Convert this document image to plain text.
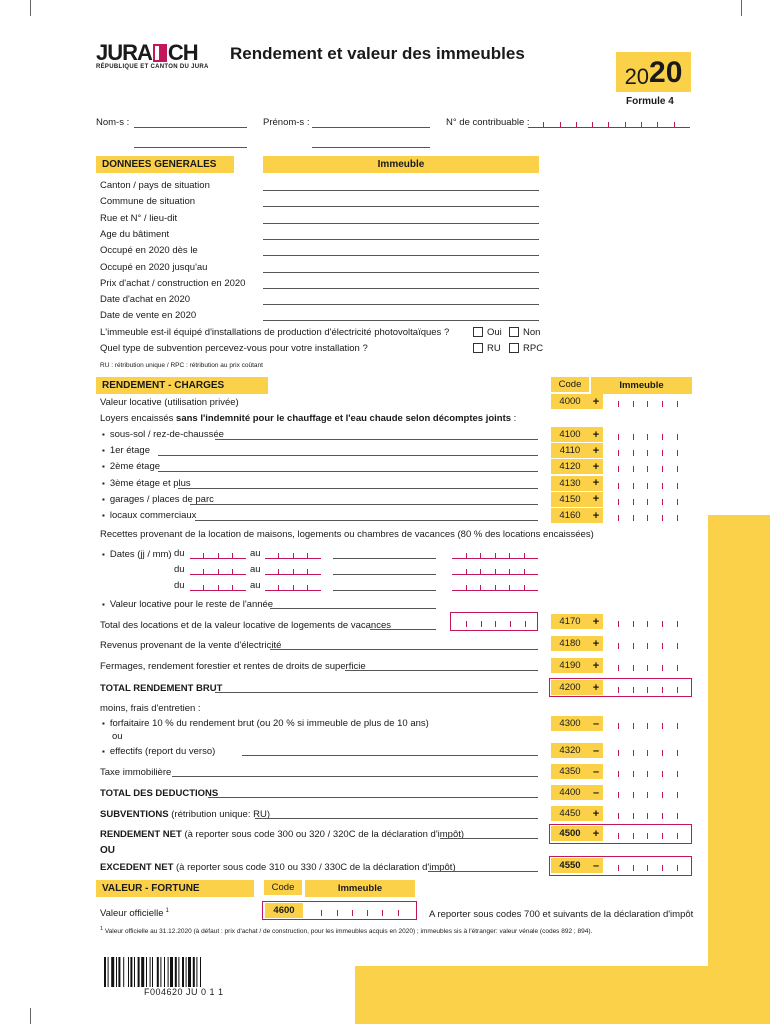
JURA CH
RÉPUBLIQUE ET CANTON DU JURA
Rendement et valeur des immeubles
20 20
Formule 4
Nom-s :	Prénom-s :	N° de contribuable :
DONNEES GENERALES	Immeuble
Canton / pays de situation
Commune de situation
Rue et N° / lieu-dit
Age du bâtiment
Occupé en 2020 dès le
Occupé en 2020 jusqu'au
Prix d'achat / construction en 2020
Date d'achat en 2020
Date de vente en 2020
L'immeuble est-il équipé d'installations de production d'électricité photovoltaïques ?	Oui Non
Quel type de subvention percevez-vous pour votre installation ?	RU RPC
RU : rétribution unique / RPC : rétribution au prix coûtant
RENDEMENT - CHARGES	Code	Immeuble
Valeur locative (utilisation privée)	4000	+
Loyers encaissés sans l'indemnité pour le chauffage et l'eau chaude selon décomptes joints :
▪ sous-sol / rez-de-chaussée	4100	+
▪ 1er étage	4110	+
▪ 2ème étage	4120	+
▪ 3ème étage et plus	4130	+
▪ garages / places de parc	4150	+
▪ locaux commerciaux	4160	+
Recettes provenant de la location de maisons, logements ou chambres de vacances (80 % des locations encaissées)
▪ Dates (jj / mm) du	au
du	au
du	au
▪ Valeur locative pour le reste de l'année
Total des locations et de la valeur locative de logements de vacances	4170	+
Revenus provenant de la vente d'électricité	4180	+
Fermages, rendement forestier et rentes de droits de superficie	4190	+
TOTAL RENDEMENT BRUT	4200	+
moins, frais d'entretien :
▪ forfaitaire 10 % du rendement brut (ou 20 % si immeuble de plus de 10 ans)
ou
4300	–
▪ effectifs (report du verso)	4320	–
Taxe immobilière	4350	–
TOTAL DES DEDUCTIONS	4400	–
SUBVENTIONS (rétribution unique: RU)	4450	+
RENDEMENT NET (à reporter sous code 300 ou 320 / 320C de la déclaration d'impôt)	4500	+
OU
EXCEDENT NET (à reporter sous code 310 ou 330 / 330C de la déclaration d'impôt)	4550	–
VALEUR - FORTUNE	Code	Immeuble
Valeur officielle $^1$	4600	A reporter sous codes 700 et suivants de la déclaration d'impôt
$^1$ Valeur officielle au 31.12.2020 (à défaut : prix d'achat / de construction, pour les immeubles acquis en 2020) ; immeubles sis à l'étranger: valeur vénale (codes 892 ; 894).
F004620 JU 0 1 1
